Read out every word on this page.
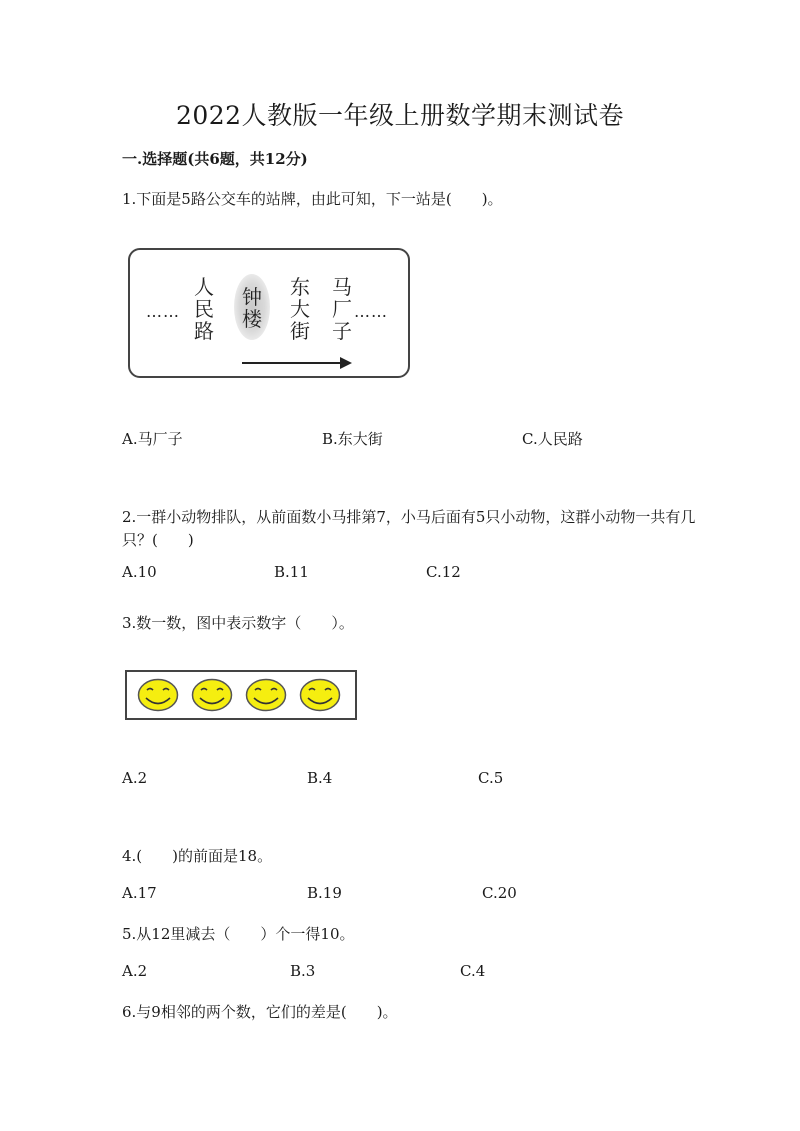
2022人教版一年级上册数学期末测试卷
一.选择题(共6题，共12分)
1.下面是5路公交车的站牌，由此可知，下一站是(　　)。
……
人民路
钟楼
东大街
马厂子
……
A.马厂子	B.东大街	C.人民路
2.一群小动物排队，从前面数小马排第7，小马后面有5只小动物，这群小动物一共有几
只？(　　)
A.10	B.11	C.12
3.数一数，图中表示数字（　　）。
A.2	B.4	C.5
4.(　　)的前面是18。
A.17	B.19	C.20
5.从12里减去（　　）个一得10。
A.2	B.3	C.4
6.与9相邻的两个数，它们的差是(　　)。
